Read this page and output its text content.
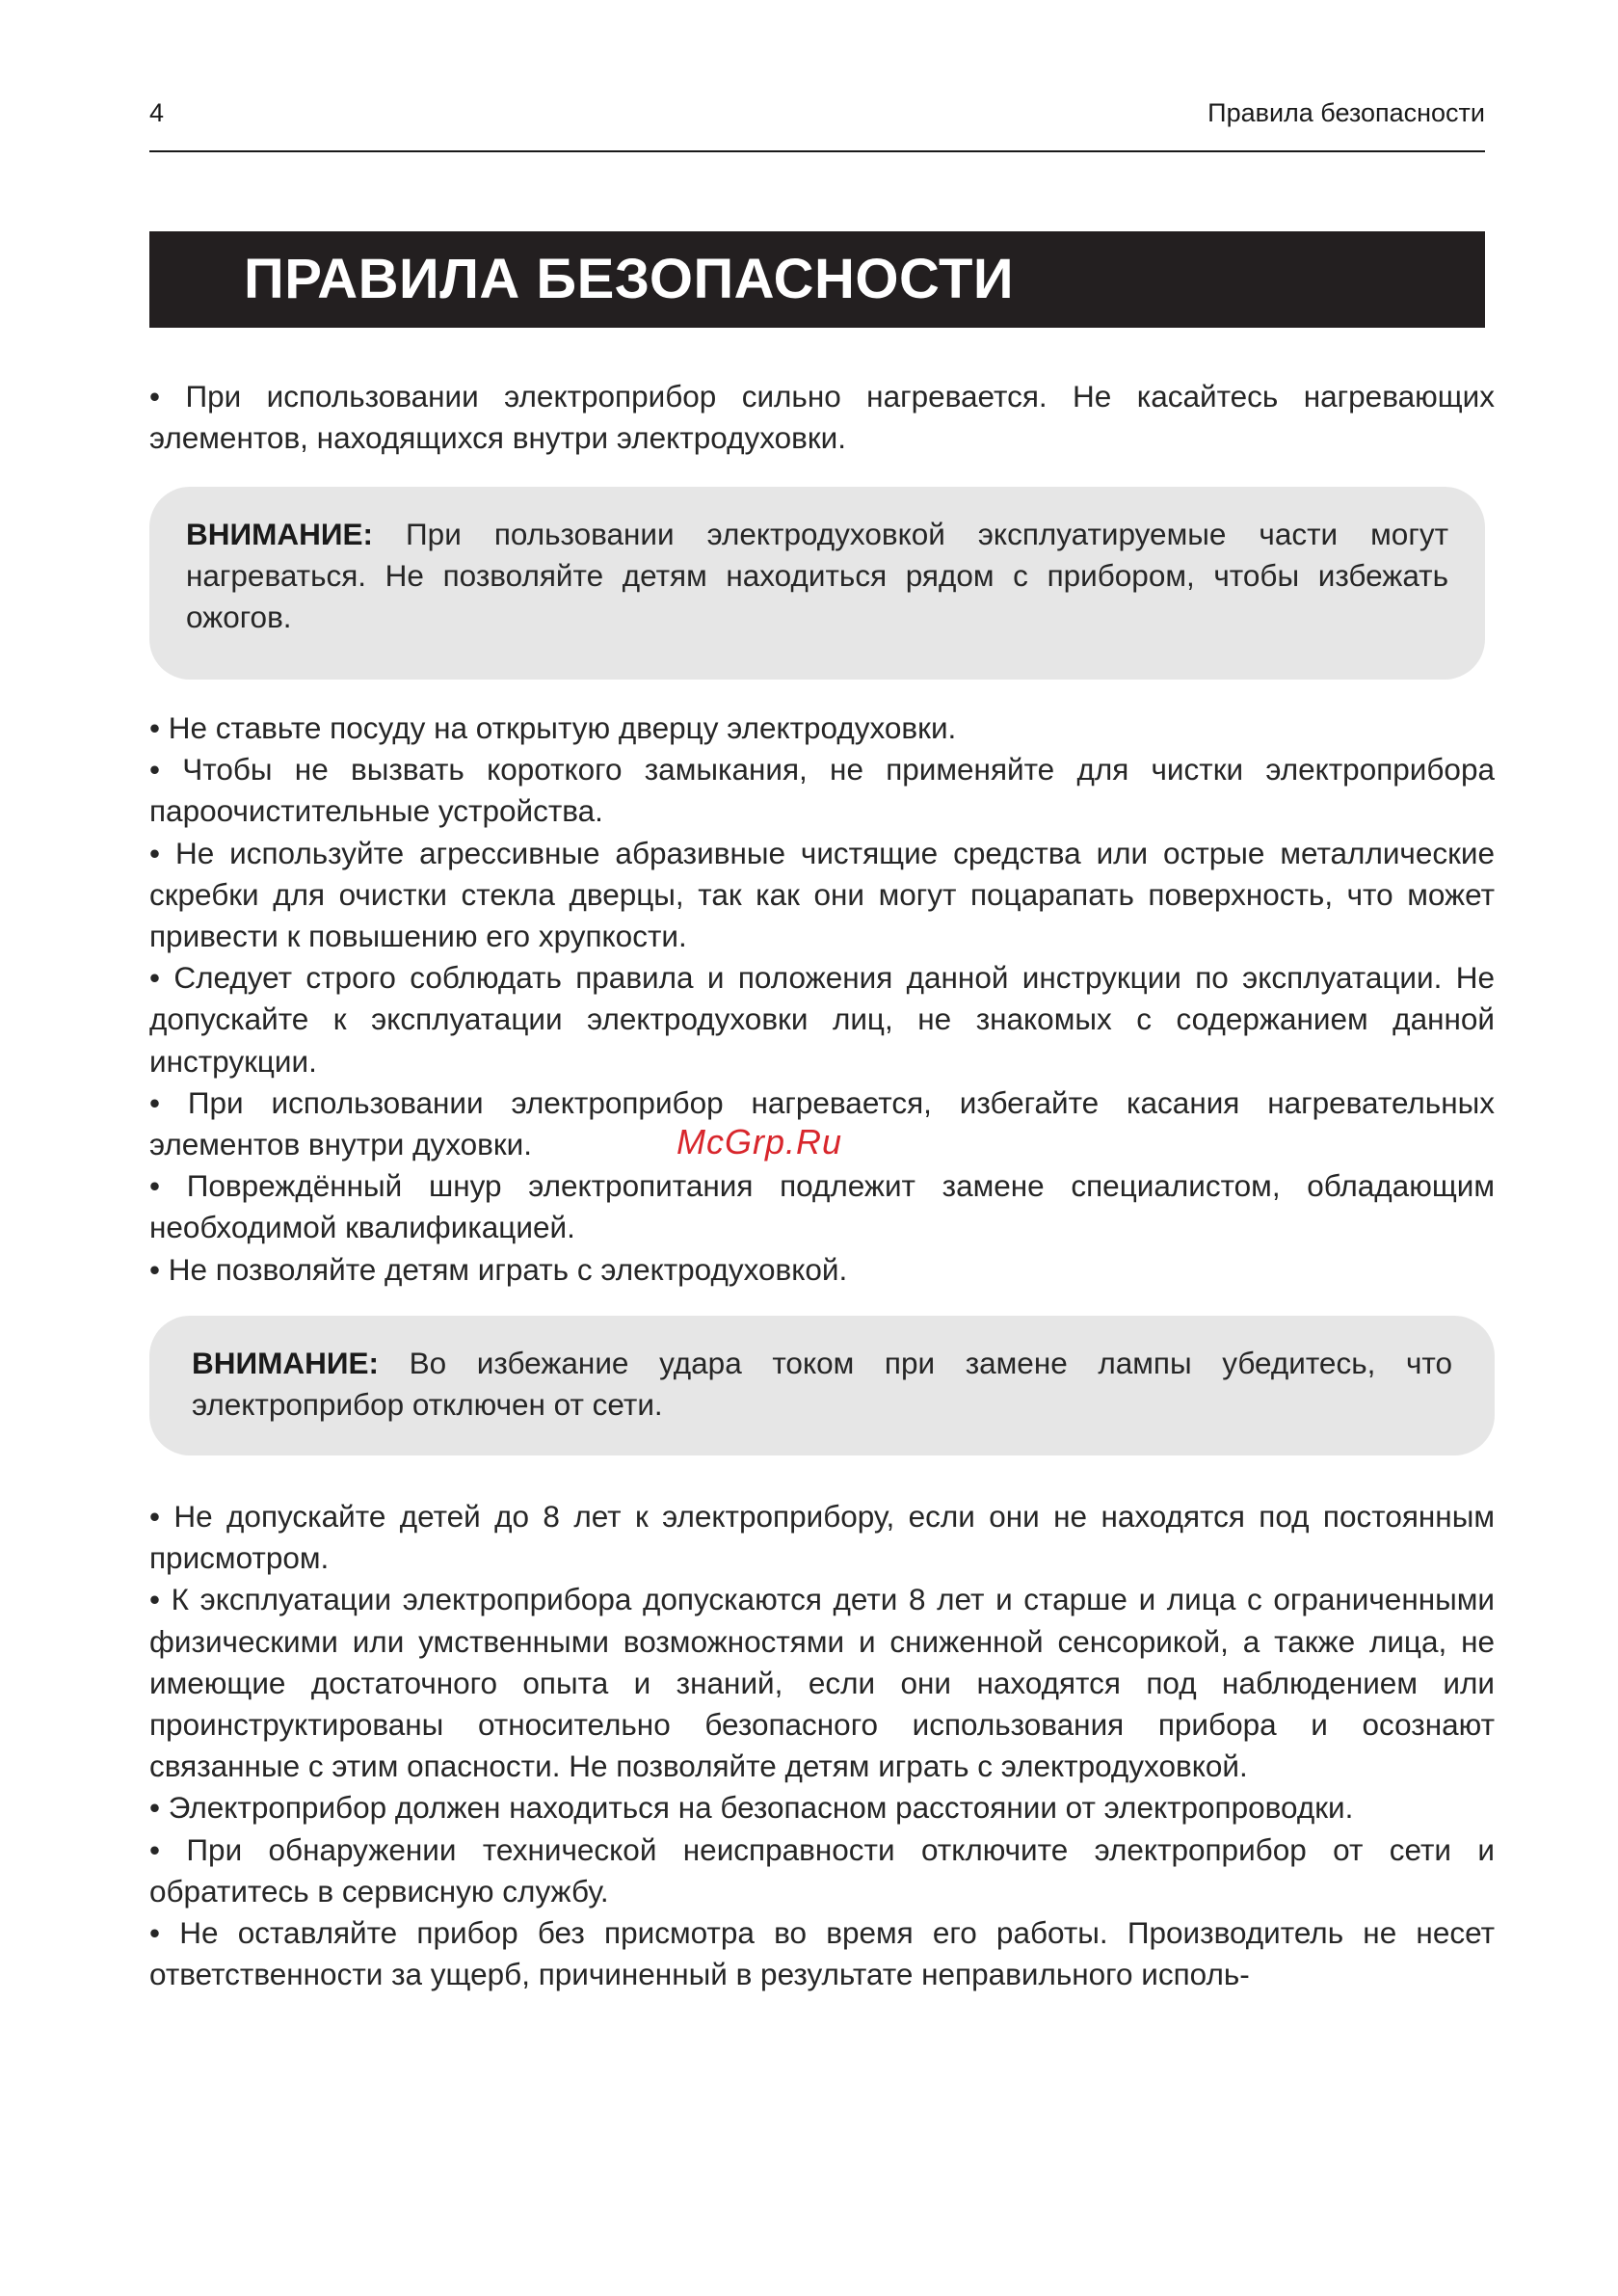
4	Правила безопасности
ПРАВИЛА БЕЗОПАСНОСТИ

• При использовании электроприбор сильно нагревается. Не касайтесь нагревающих элементов, находящихся внутри электродуховки.

ВНИМАНИЕ: При пользовании электродуховкой эксплуатируемые части могут нагреваться. Не позволяйте детям находиться рядом с прибором, чтобы избежать ожогов.

• Не ставьте посуду на открытую дверцу электродуховки.

• Чтобы не вызвать короткого замыкания, не применяйте для чистки электроприбора пароочистительные устройства.

• Не используйте агрессивные абразивные чистящие средства или острые металлические скребки для очистки стекла дверцы, так как они могут поцарапать поверхность, что может привести к повышению его хрупкости.

• Следует строго соблюдать правила и положения данной инструкции по эксплуатации. Не допускайте к эксплуатации электродуховки лиц, не знакомых с содержанием данной инструкции.

• При использовании электроприбор нагревается, избегайте касания нагревательных элементов внутри духовки.

• Повреждённый шнур электропитания подлежит замене специалистом, обладающим необходимой квалификацией.

• Не позволяйте детям играть с электродуховкой.

McGrp.Ru
ВНИМАНИЕ: Во избежание удара током при замене лампы убедитесь, что электроприбор отключен от сети.

• Не допускайте детей до 8 лет к электроприбору, если они не находятся под постоянным присмотром.

• К эксплуатации электроприбора допускаются дети 8 лет и старше и лица с ограниченными физическими или умственными возможностями и сниженной сенсорикой, а также лица, не имеющие достаточного опыта и знаний, если они находятся под наблюдением или проинструктированы относительно безопасного использования прибора и осознают связанные с этим опасности. Не позволяйте детям играть с электродуховкой.

• Электроприбор должен находиться на безопасном расстоянии от электропроводки.

• При обнаружении технической неисправности отключите электроприбор от сети и обратитесь в сервисную службу.

• Не оставляйте прибор без присмотра во время его работы. Производитель не несет ответственности за ущерб, причиненный в результате неправильного исполь-
